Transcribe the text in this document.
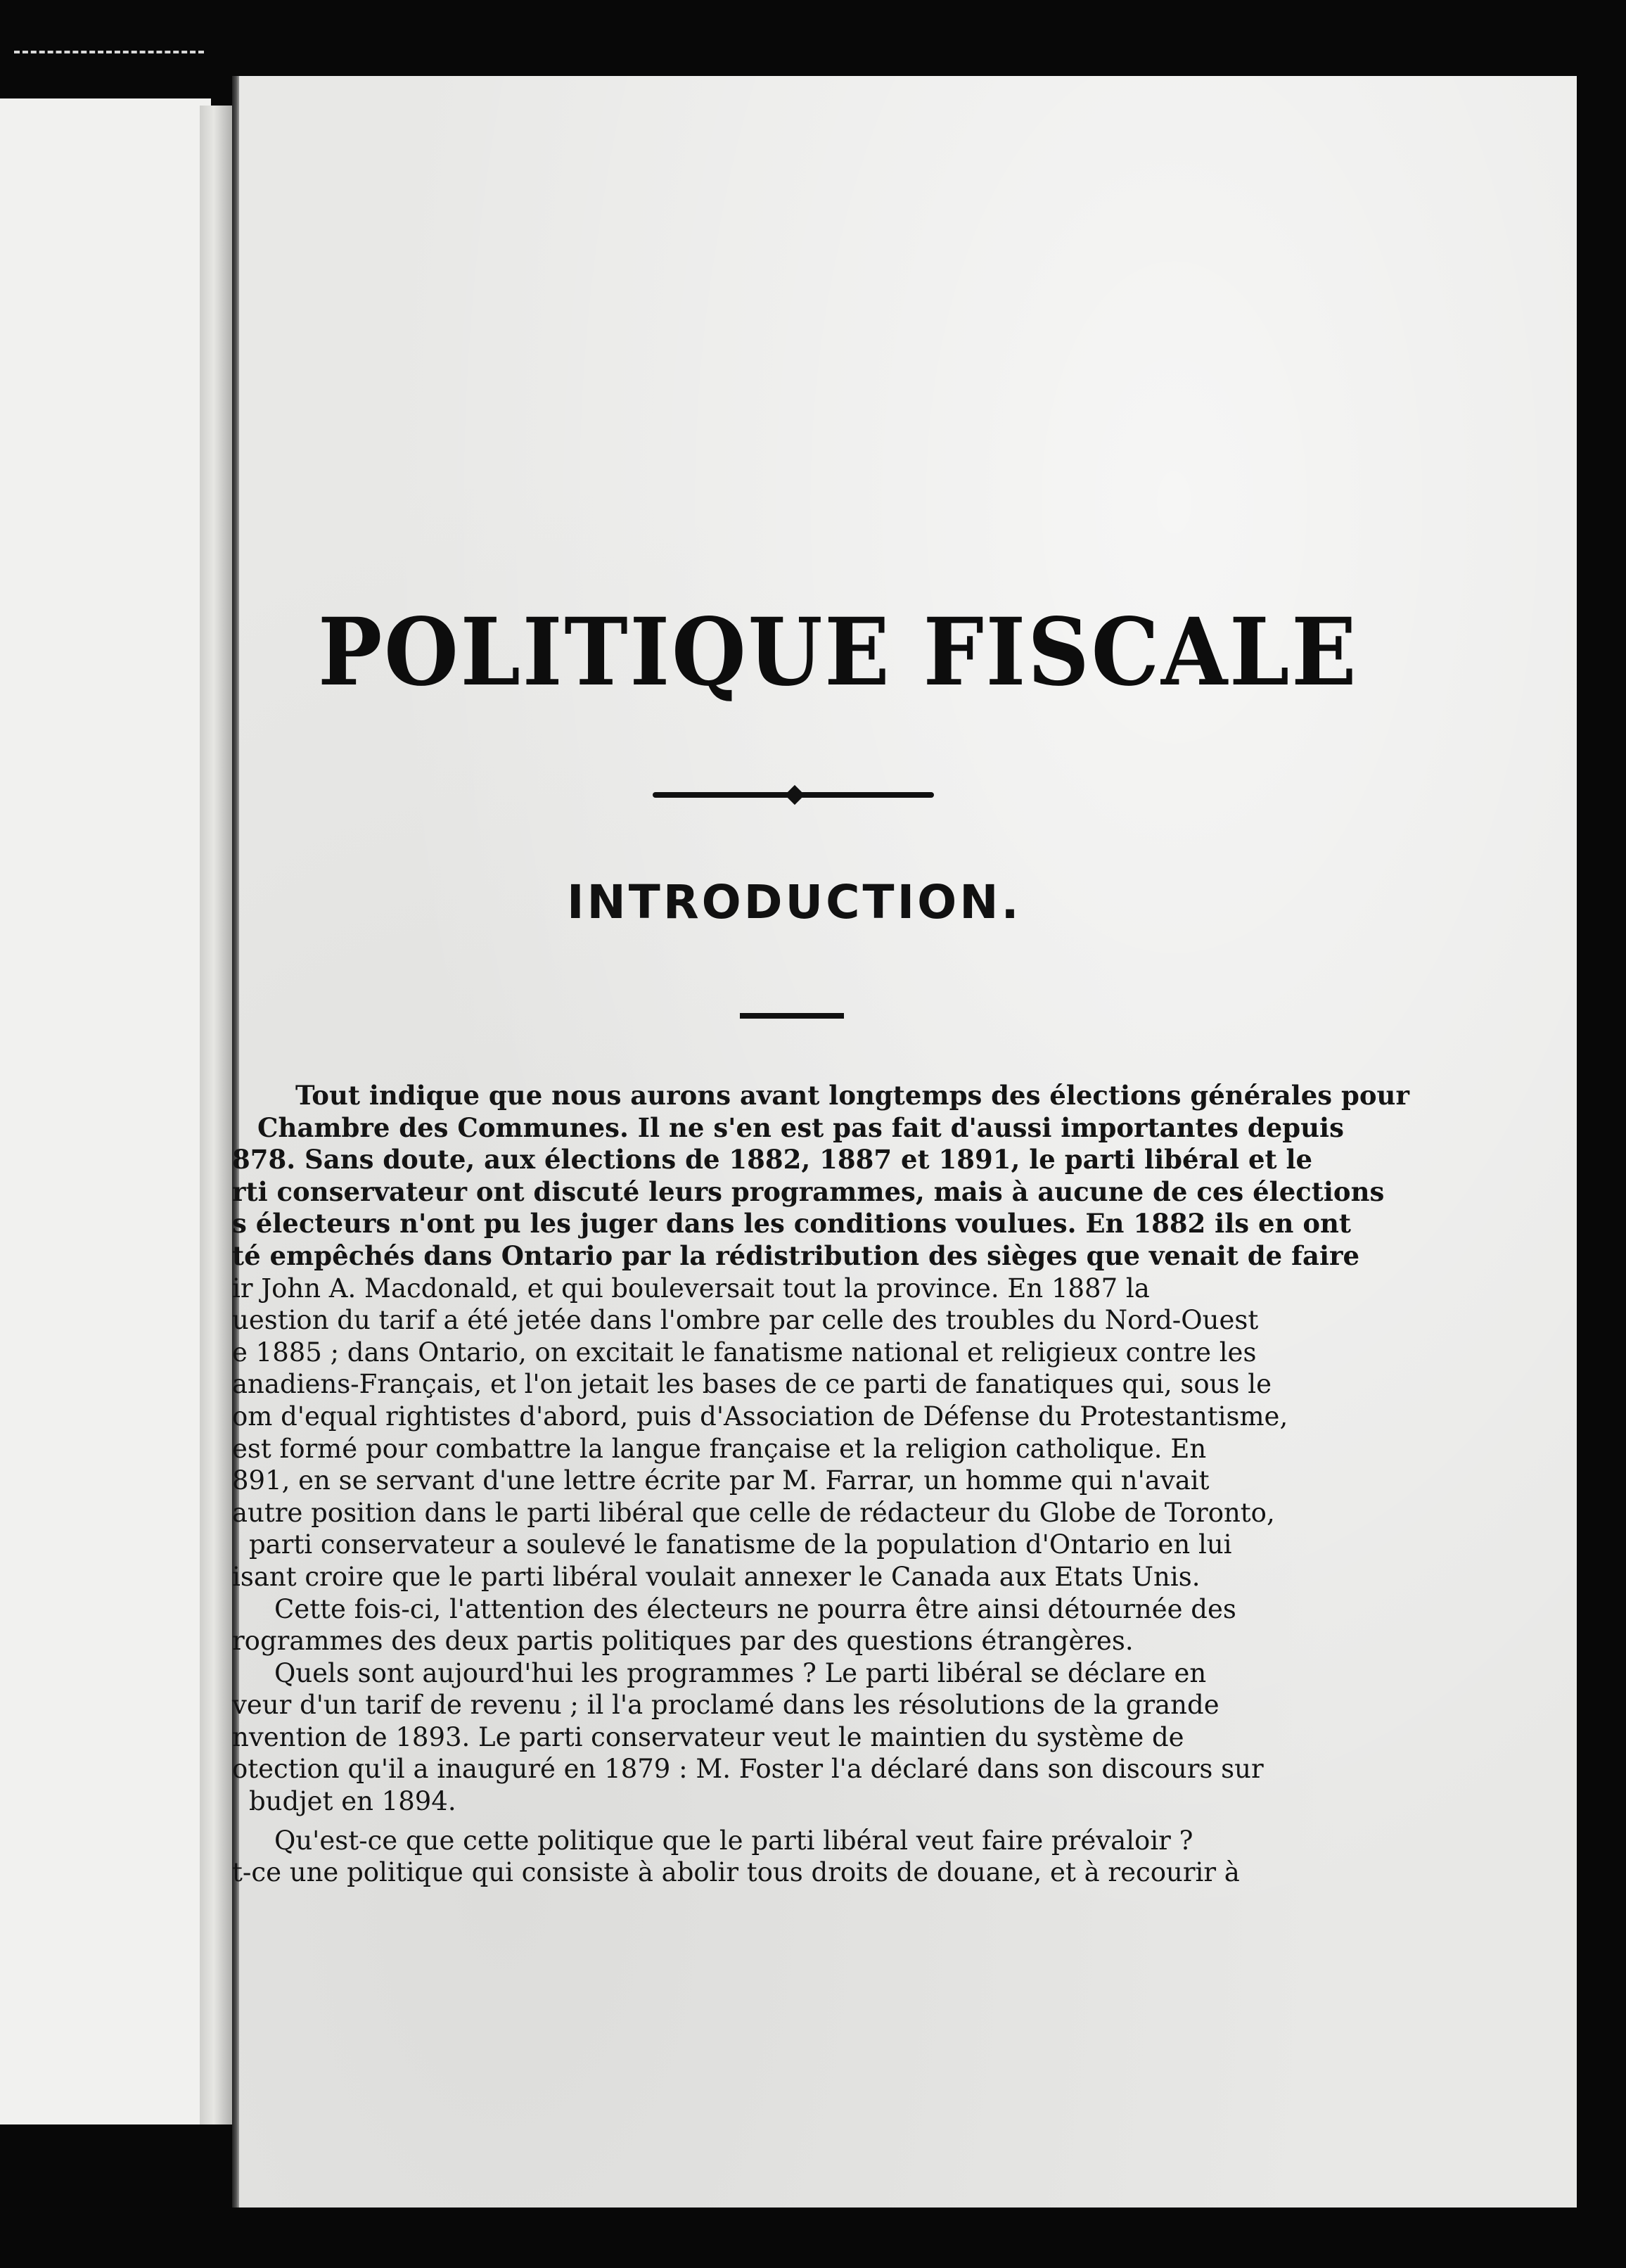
POLITIQUE FISCALE
INTRODUCTION.
Tout indique que nous aurons avant longtemps des élections générales pour
Chambre des Communes. Il ne s'en est pas fait d'aussi importantes depuis
878. Sans doute, aux élections de 1882, 1887 et 1891, le parti libéral et le
rti conservateur ont discuté leurs programmes, mais à aucune de ces élections
s électeurs n'ont pu les juger dans les conditions voulues. En 1882 ils en ont
té empêchés dans Ontario par la rédistribution des sièges que venait de faire
ir John A. Macdonald, et qui bouleversait tout la province. En 1887 la
uestion du tarif a été jetée dans l'ombre par celle des troubles du Nord-Ouest
e 1885 ; dans Ontario, on excitait le fanatisme national et religieux contre les
anadiens-Français, et l'on jetait les bases de ce parti de fanatiques qui, sous le
om d'equal rightistes d'abord, puis d'Association de Défense du Protestantisme,
est formé pour combattre la langue française et la religion catholique. En
891, en se servant d'une lettre écrite par M. Farrar, un homme qui n'avait
autre position dans le parti libéral que celle de rédacteur du Globe de Toronto,
parti conservateur a soulevé le fanatisme de la population d'Ontario en lui
isant croire que le parti libéral voulait annexer le Canada aux Etats Unis.
Cette fois-ci, l'attention des électeurs ne pourra être ainsi détournée des
rogrammes des deux partis politiques par des questions étrangères.
Quels sont aujourd'hui les programmes ? Le parti libéral se déclare en
veur d'un tarif de revenu ; il l'a proclamé dans les résolutions de la grande
nvention de 1893. Le parti conservateur veut le maintien du système de
otection qu'il a inauguré en 1879 : M. Foster l'a déclaré dans son discours sur
budjet en 1894.
Qu'est-ce que cette politique que le parti libéral veut faire prévaloir ?
t-ce une politique qui consiste à abolir tous droits de douane, et à recourir à
